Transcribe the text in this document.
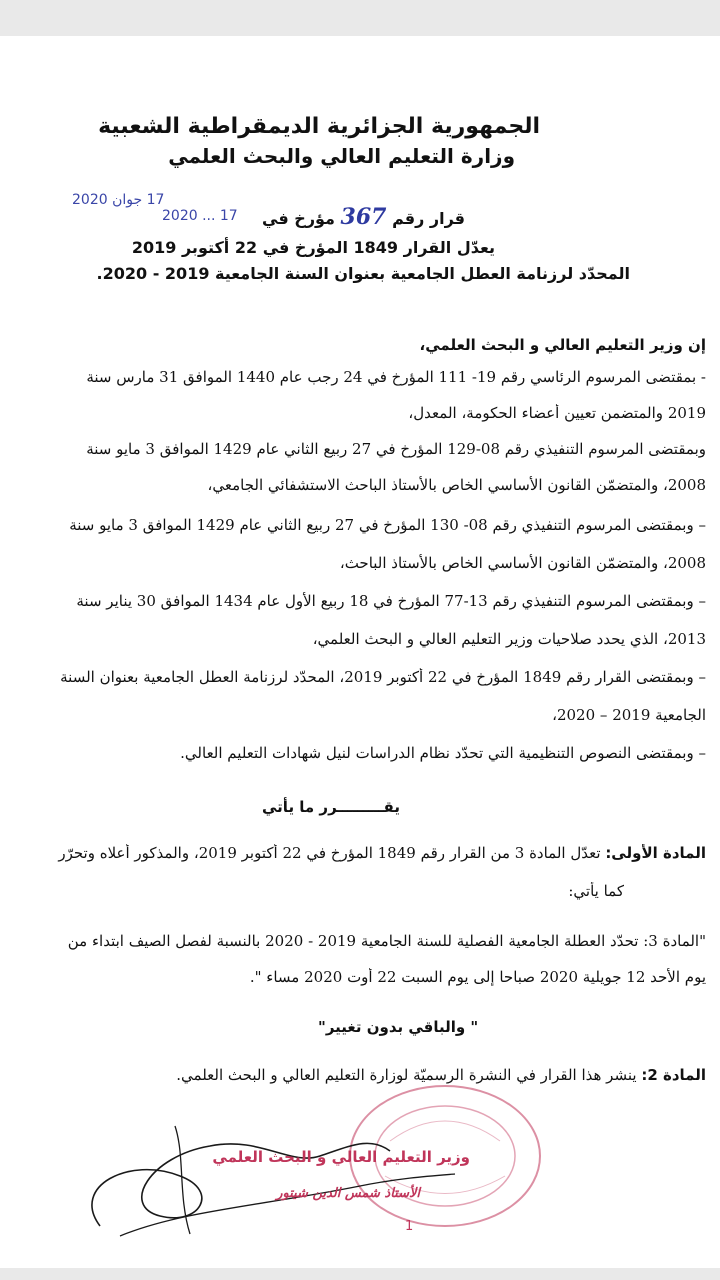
الجمهورية الجزائرية الديمقراطية الشعبية
وزارة التعليم العالي والبحث العلمي
17 جوان 2020
2020 ... 17	قرار رقم 367 مؤرخ في
يعدّل القرار 1849 المؤرخ في 22 أكتوبر 2019
المحدّد لرزنامة العطل الجامعية بعنوان السنة الجامعية 2019 - 2020.
إن وزير التعليم العالي و البحث العلمي،
- بمقتضى المرسوم الرئاسي رقم 19- 111 المؤرخ في 24 رجب عام 1440 الموافق 31 مارس سنة
2019 والمتضمن تعيين أعضاء الحكومة، المعدل،
وبمقتضى المرسوم التنفيذي رقم 08-129 المؤرخ في 27 ربيع الثاني عام 1429 الموافق 3 مايو سنة
2008، والمتضمّن القانون الأساسي الخاص بالأستاذ الباحث الاستشفائي الجامعي،
– وبمقتضى المرسوم التنفيذي رقم 08- 130 المؤرخ في 27 ربيع الثاني عام 1429 الموافق 3 مايو سنة
2008، والمتضمّن القانون الأساسي الخاص بالأستاذ الباحث،
– وبمقتضى المرسوم التنفيذي رقم 13-77 المؤرخ في 18 ربيع الأول عام 1434 الموافق 30 يناير سنة
2013، الذي يحدد صلاحيات وزير التعليم العالي و البحث العلمي،
– وبمقتضى القرار رقم 1849 المؤرخ في 22 أكتوبر 2019، المحدّد لرزنامة العطل الجامعية بعنوان السنة
الجامعية 2019 – 2020،
– وبمقتضى النصوص التنظيمية التي تحدّد نظام الدراسات لنيل شهادات التعليم العالي.
يقـــــــــرر ما يأتي
المادة الأولى: تعدّل المادة 3 من القرار رقم 1849 المؤرخ في 22 أكتوبر 2019، والمذكور أعلاه وتحرّر
كما يأتي:
"المادة 3: تحدّد العطلة الجامعية الفصلية للسنة الجامعية 2019 - 2020 بالنسبة لفصل الصيف ابتداء من
يوم الأحد 12 جويلية 2020 صباحا إلى يوم السبت 22 أوت 2020 مساء ".
" والباقي بدون تغيير"
المادة 2: ينشر هذا القرار في النشرة الرسميّة لوزارة التعليم العالي و البحث العلمي.
وزير التعليم العالي و البحث العلمي
الأستاذ شمس الدين شيتور
1
